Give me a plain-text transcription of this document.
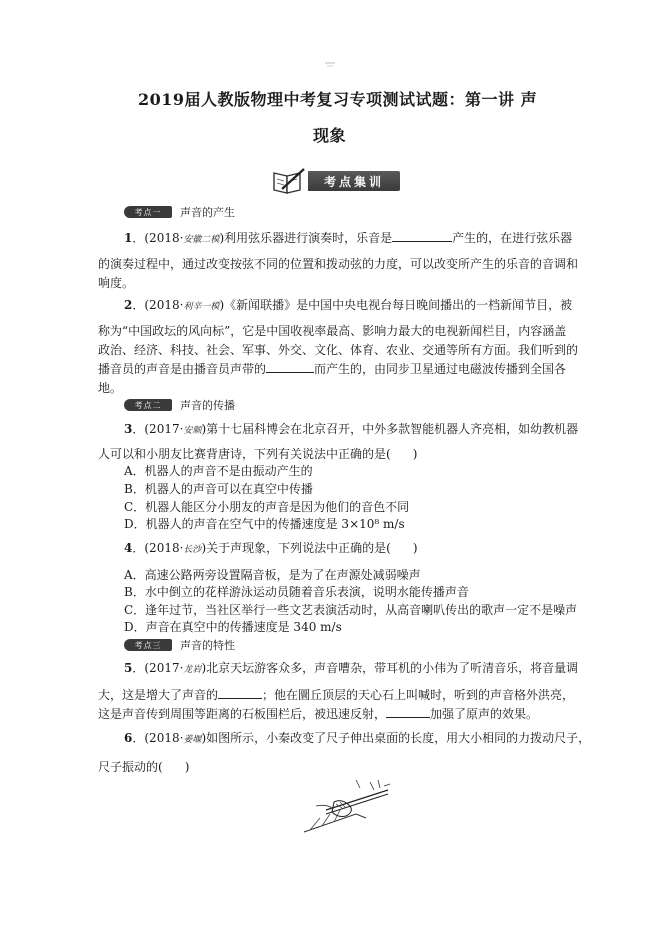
2019届人教版物理中考复习专项测试试题：第一讲 声
现象
考点集训
考点一	声音的产生
1．(2018·安徽二模)利用弦乐器进行演奏时，乐音是	产生的，在进行弦乐器
的演奏过程中，通过改变按弦不同的位置和拨动弦的力度，可以改变所产生的乐音的音调和
响度。
2．(2018·利辛一模)《新闻联播》是中国中央电视台每日晚间播出的一档新闻节目，被
称为“中国政坛的风向标”，它是中国收视率最高、影响力最大的电视新闻栏目，内容涵盖
政治、经济、科技、社会、军事、外交、文化、体育、农业、交通等所有方面。我们听到的
播音员的声音是由播音员声带的	而产生的，由同步卫星通过电磁波传播到全国各
地。
考点二	声音的传播
3．(2017·安顺)第十七届科博会在北京召开，中外多款智能机器人齐亮相，如幼教机器
人可以和小朋友比赛背唐诗，下列有关说法中正确的是( )
A．机器人的声音不是由振动产生的
B．机器人的声音可以在真空中传播
C．机器人能区分小朋友的声音是因为他们的音色不同
D．机器人的声音在空气中的传播速度是 3×10⁸ m/s
4．(2018·长沙)关于声现象，下列说法中正确的是( )
A．高速公路两旁设置隔音板，是为了在声源处减弱噪声
B．水中倒立的花样游泳运动员随着音乐表演，说明水能传播声音
C．逢年过节，当社区举行一些文艺表演活动时，从高音喇叭传出的歌声一定不是噪声
D．声音在真空中的传播速度是 340 m/s
考点三	声音的特性
5．(2017·龙岩)北京天坛游客众多，声音嘈杂，带耳机的小伟为了听清音乐，将音量调
大，这是增大了声音的	；他在圜丘顶层的天心石上叫喊时，听到的声音格外洪亮，
这是声音传到周围等距离的石板围栏后，被迅速反射，	加强了原声的效果。
6．(2018·姜堰)如图所示，小秦改变了尺子伸出桌面的长度，用大小相同的力拨动尺子，
尺子振动的( )
